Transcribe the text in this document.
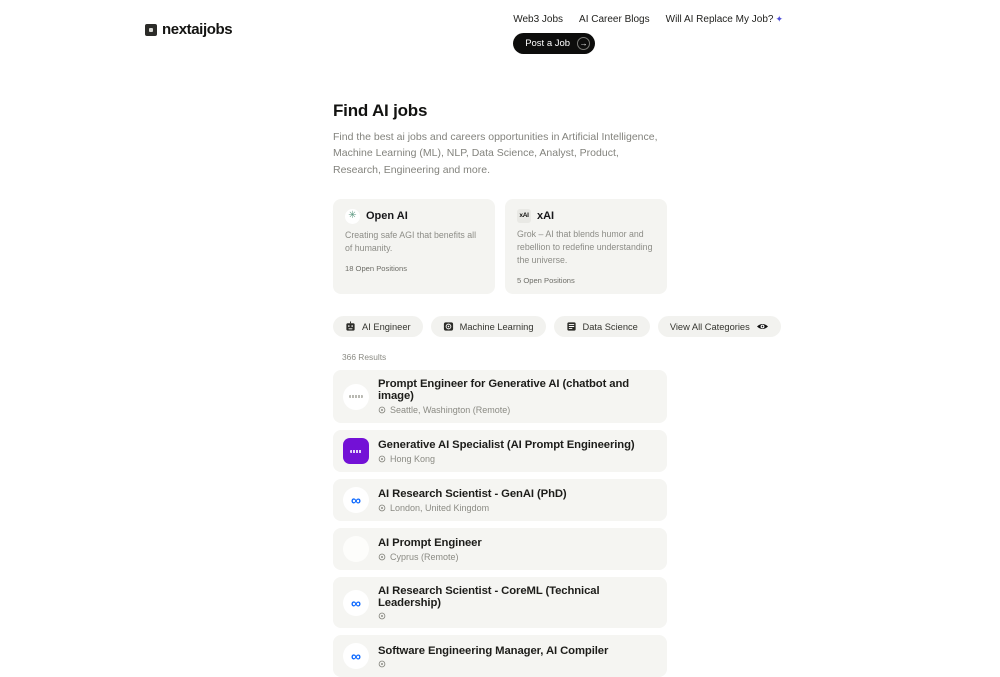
nextaijobs
Web3 Jobs AI Career Blogs Will AI Replace My Job? ✦
Post a Job	→
Find AI jobs
Find the best ai jobs and careers opportunities in Artificial Intelligence, Machine Learning (ML), NLP, Data Science, Analyst, Product, Research, Engineering and more.
✳ Open AI
Creating safe AGI that benefits all of humanity.
18 Open Positions
xAI xAI
Grok – AI that blends humor and rebellion to redefine understanding the universe.
5 Open Positions
AI Engineer	Machine Learning	Data Science	View All Categories
366 Results
Prompt Engineer for Generative AI (chatbot and image)
Seattle, Washington (Remote)
Generative AI Specialist (AI Prompt Engineering)
Hong Kong
∞	AI Research Scientist - GenAI (PhD)
London, United Kingdom
AI Prompt Engineer
Cyprus (Remote)
∞
AI Research Scientist - CoreML (Technical Leadership)
∞	Software Engineering Manager, AI Compiler
